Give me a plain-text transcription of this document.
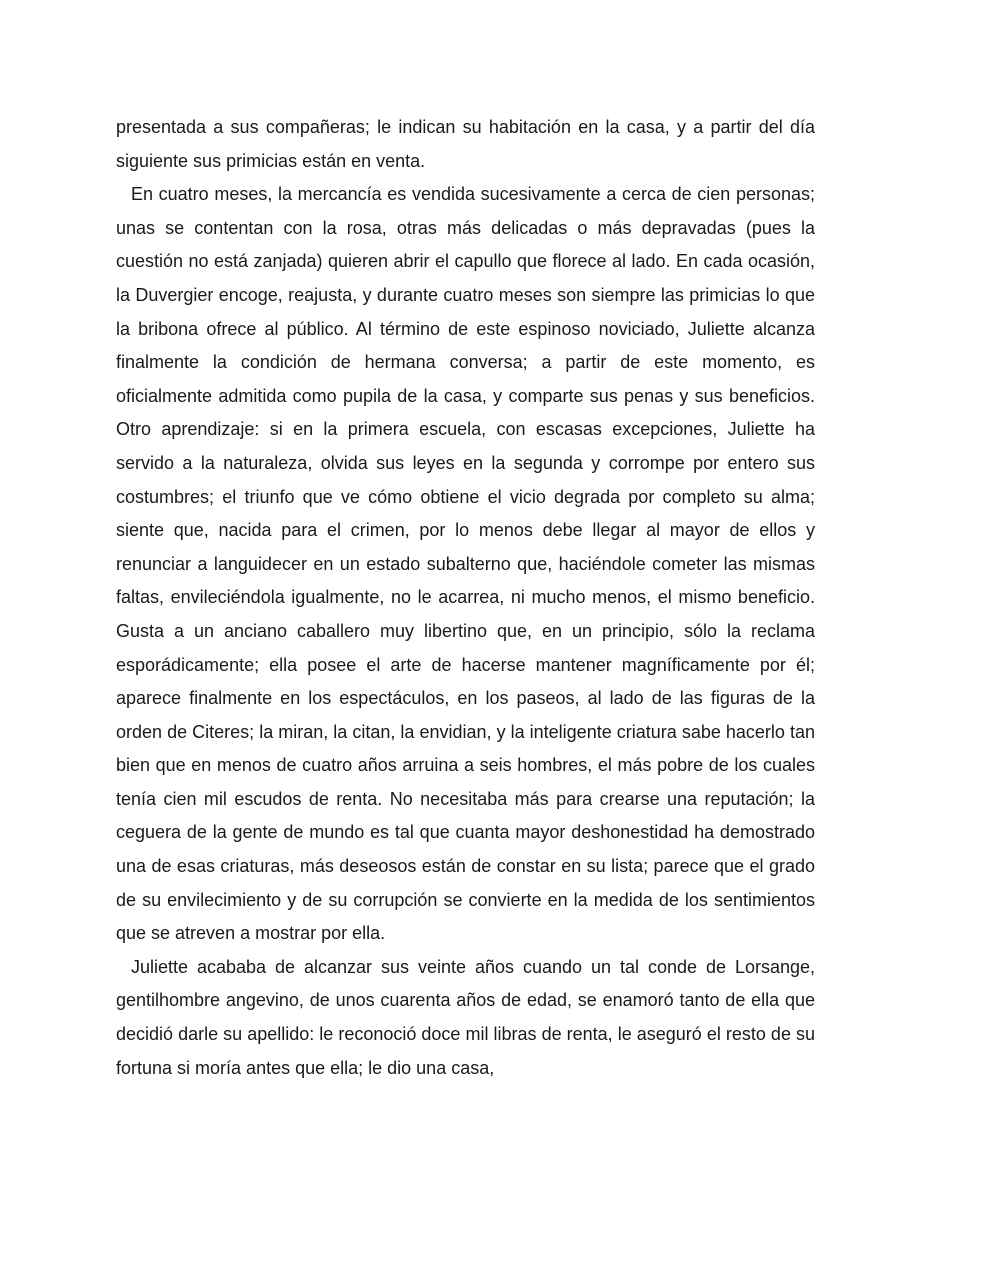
presentada a sus compañeras; le indican su habitación en la casa, y a partir del día siguiente sus primicias están en venta.

En cuatro meses, la mercancía es vendida sucesivamente a cerca de cien personas; unas se contentan con la rosa, otras más delicadas o más depravadas (pues la cuestión no está zanjada) quieren abrir el capullo que florece al lado. En cada ocasión, la Duvergier encoge, reajusta, y durante cuatro meses son siempre las primicias lo que la bribona ofrece al público. Al término de este espinoso noviciado, Juliette alcanza finalmente la condición de hermana conversa; a partir de este momento, es oficialmente admitida como pupila de la casa, y comparte sus penas y sus beneficios. Otro aprendizaje: si en la primera escuela, con escasas excepciones, Juliette ha servido a la naturaleza, olvida sus leyes en la segunda y corrompe por entero sus costumbres; el triunfo que ve cómo obtiene el vicio degrada por completo su alma; siente que, nacida para el crimen, por lo menos debe llegar al mayor de ellos y renunciar a languidecer en un estado subalterno que, haciéndole cometer las mismas faltas, envileciéndola igualmente, no le acarrea, ni mucho menos, el mismo beneficio. Gusta a un anciano caballero muy libertino que, en un principio, sólo la reclama esporádicamente; ella posee el arte de hacerse mantener magníficamente por él; aparece finalmente en los espectáculos, en los paseos, al lado de las figuras de la orden de Citeres; la miran, la citan, la envidian, y la inteligente criatura sabe hacerlo tan bien que en menos de cuatro años arruina a seis hombres, el más pobre de los cuales tenía cien mil escudos de renta. No necesitaba más para crearse una reputación; la ceguera de la gente de mundo es tal que cuanta mayor deshonestidad ha demostrado una de esas criaturas, más deseosos están de constar en su lista; parece que el grado de su envilecimiento y de su corrupción se convierte en la medida de los sentimientos que se atreven a mostrar por ella.

Juliette acababa de alcanzar sus veinte años cuando un tal conde de Lorsange, gentilhombre angevino, de unos cuarenta años de edad, se enamoró tanto de ella que decidió darle su apellido: le reconoció doce mil libras de renta, le aseguró el resto de su fortuna si moría antes que ella; le dio una casa,
